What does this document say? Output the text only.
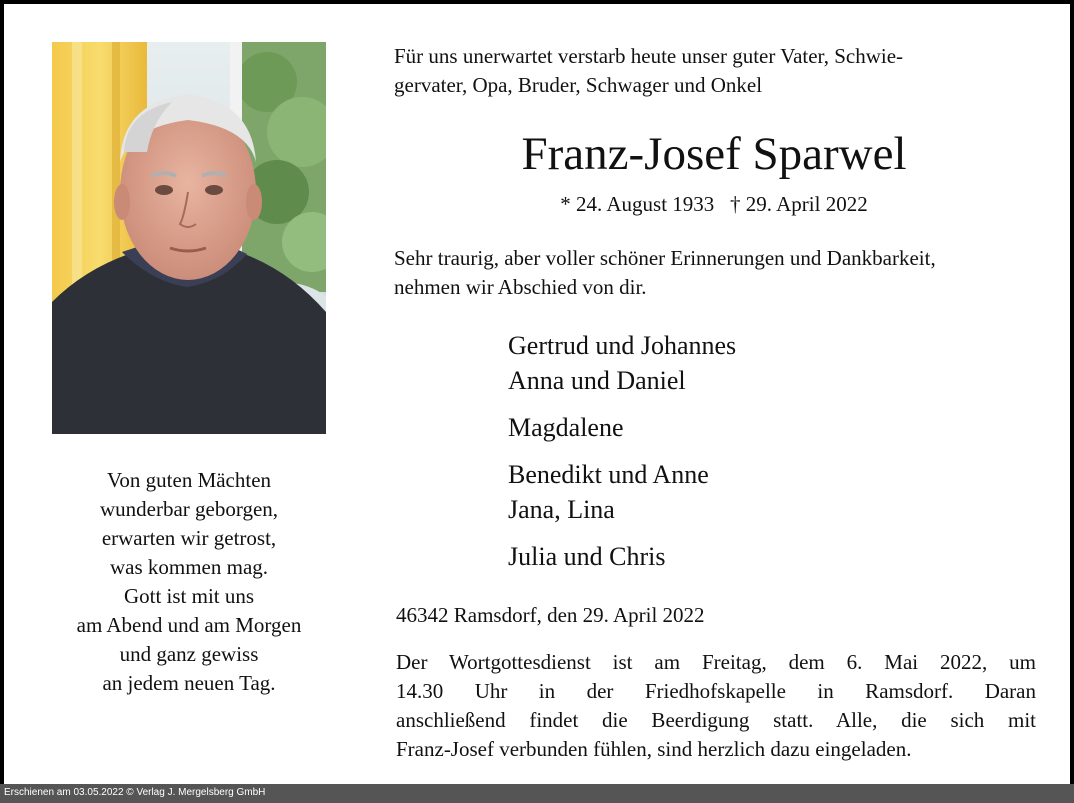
Von guten Mächten
wunderbar geborgen,
erwarten wir getrost,
was kommen mag.
Gott ist mit uns
am Abend und am Morgen
und ganz gewiss
an jedem neuen Tag.
Für uns unerwartet verstarb heute unser guter Vater, Schwie-
gervater, Opa, Bruder, Schwager und Onkel
Franz-Josef Sparwel
* 24. August 1933   † 29. April 2022
Sehr traurig, aber voller schöner Erinnerungen und Dankbarkeit,
nehmen wir Abschied von dir.
Gertrud und Johannes
Anna und Daniel
Magdalene
Benedikt und Anne
Jana, Lina
Julia und Chris
46342 Ramsdorf, den 29. April 2022
Der Wortgottesdienst ist am Freitag, dem 6. Mai 2022, um
14.30 Uhr in der Friedhofskapelle in Ramsdorf. Daran
anschließend findet die Beerdigung statt. Alle, die sich mit
Franz-Josef verbunden fühlen, sind herzlich dazu eingeladen.
Erschienen am 03.05.2022 © Verlag J. Mergelsberg GmbH
